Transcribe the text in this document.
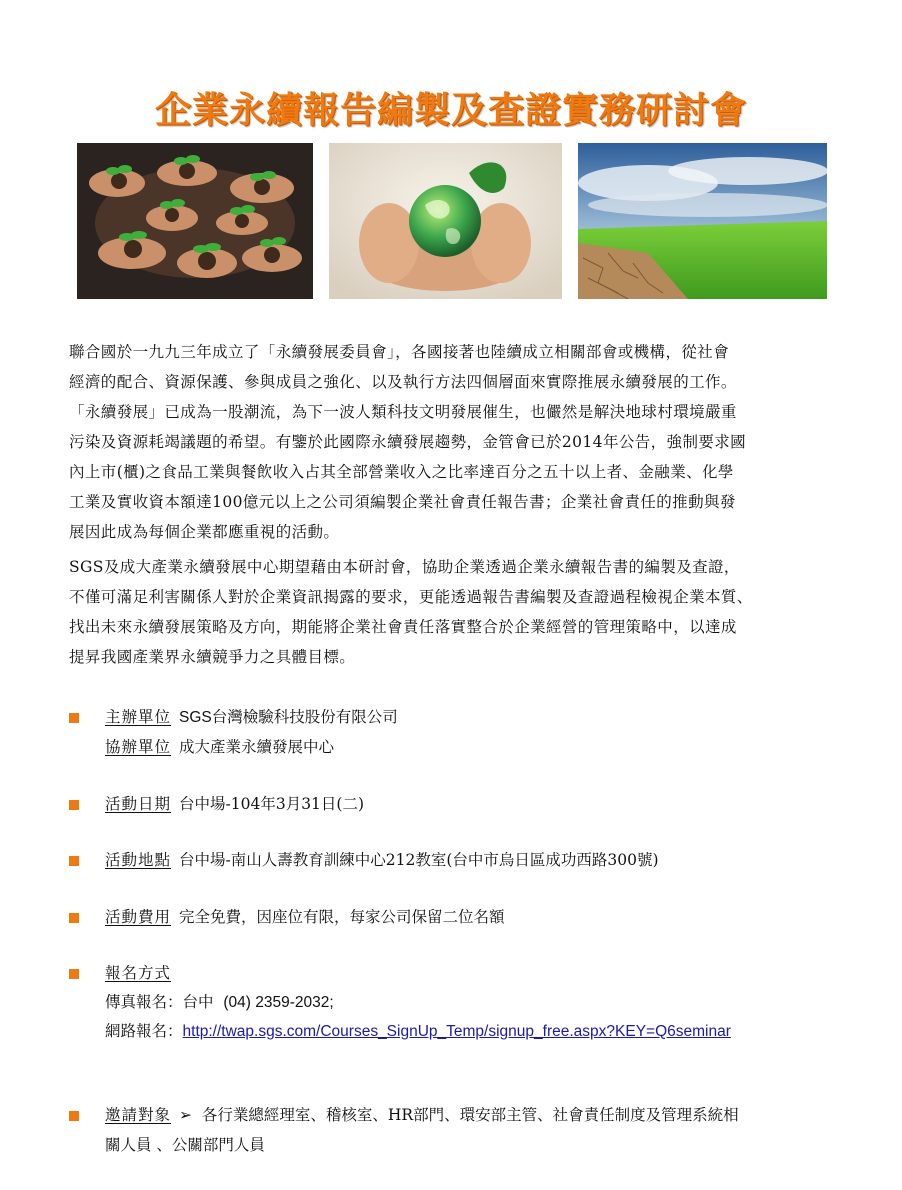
企業永續報告編製及查證實務研討會
聯合國於一九九三年成立了「永續發展委員會」，各國接著也陸續成立相關部會或機構，從社會
經濟的配合、資源保護、參與成員之強化、以及執行方法四個層面來實際推展永續發展的工作。
「永續發展」已成為一股潮流，為下一波人類科技文明發展催生，也儼然是解決地球村環境嚴重
污染及資源耗竭議題的希望。有鑒於此國際永續發展趨勢，金管會已於2014年公告，強制要求國
內上市(櫃)之食品工業與餐飲收入占其全部營業收入之比率達百分之五十以上者、金融業、化學
工業及實收資本額達100億元以上之公司須編製企業社會責任報告書；企業社會責任的推動與發
展因此成為每個企業都應重視的活動。
SGS及成大產業永續發展中心期望藉由本研討會，協助企業透過企業永續報告書的編製及查證，
不僅可滿足利害關係人對於企業資訊揭露的要求，更能透過報告書編製及查證過程檢視企業本質、
找出未來永續發展策略及方向，期能將企業社會責任落實整合於企業經營的管理策略中，以達成
提昇我國產業界永續競爭力之具體目標。
主辦單位 SGS台灣檢驗科技股份有限公司
協辦單位 成大產業永續發展中心
活動日期 台中場-104年3月31日(二)
活動地點 台中場-南山人壽教育訓練中心212教室(台中市烏日區成功西路300號)
活動費用 完全免費，因座位有限，每家公司保留二位名額
報名方式
傳真報名：台中 (04) 2359-2032;
網路報名：http://twap.sgs.com/Courses_SignUp_Temp/signup_free.aspx?KEY=Q6seminar
邀請對象 ➢ 各行業總經理室、稽核室、HR部門、環安部主管、社會責任制度及管理系統相
關人員 、公關部門人員
